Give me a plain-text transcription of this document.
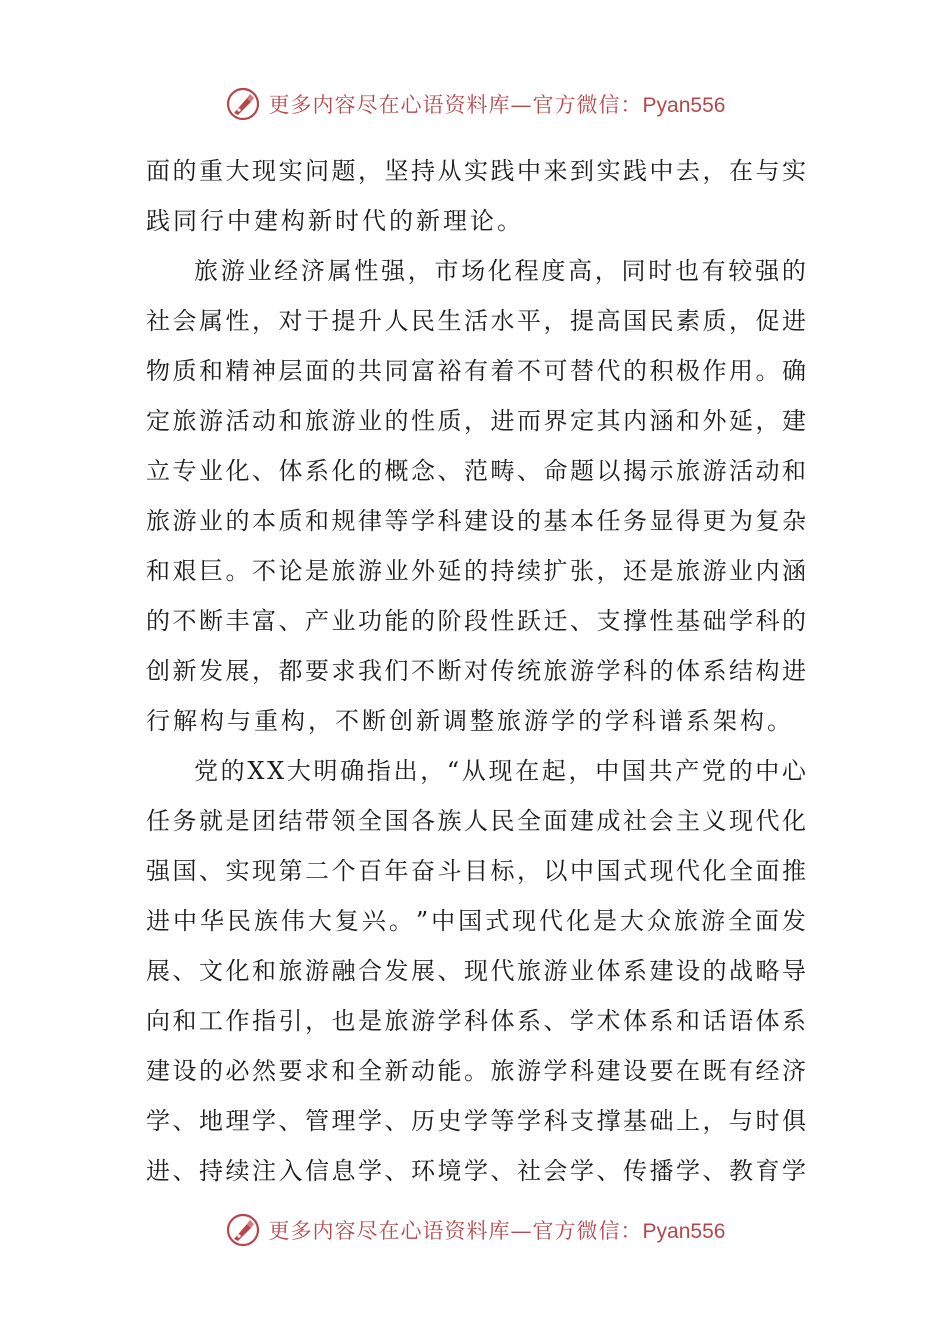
更多内容尽在心语资料库—官方微信：Pyan556
面 的 重 大 现 实 问 题 ， 坚 持 从 实 践 中 来 到 实 践 中 去 ， 在 与 实
践同行中建构新时代的新理论。
旅 游 业 经 济 属 性 强 ， 市 场 化 程 度 高 ， 同 时 也 有 较 强 的
社 会 属 性 ， 对 于 提 升 人 民 生 活 水 平 ， 提 高 国 民 素 质 ， 促 进
物 质 和 精 神 层 面 的 共 同 富 裕 有 着 不 可 替 代 的 积 极 作 用 。 确
定 旅 游 活 动 和 旅 游 业 的 性 质 ， 进 而 界 定 其 内 涵 和 外 延 ， 建
立 专 业 化 、 体 系 化 的 概 念 、 范 畴 、 命 题 以 揭 示 旅 游 活 动 和
旅 游 业 的 本 质 和 规 律 等 学 科 建 设 的 基 本 任 务 显 得 更 为 复 杂
和 艰 巨 。 不 论 是 旅 游 业 外 延 的 持 续 扩 张 ， 还 是 旅 游 业 内 涵
的 不 断 丰 富 、 产 业 功 能 的 阶 段 性 跃 迁 、 支 撑 性 基 础 学 科 的
创 新 发 展 ， 都 要 求 我 们 不 断 对 传 统 旅 游 学 科 的 体 系 结 构 进
行解构与重构，不断创新调整旅游学的学科谱系架构。
党 的 X X 大 明 确 指 出 ， “ 从 现 在 起 ， 中 国 共 产 党 的 中 心
任 务 就 是 团 结 带 领 全 国 各 族 人 民 全 面 建 成 社 会 主 义 现 代 化
强 国 、 实 现 第 二 个 百 年 奋 斗 目 标 ， 以 中 国 式 现 代 化 全 面 推
进 中 华 民 族 伟 大 复 兴 。 ” 中 国 式 现 代 化 是 大 众 旅 游 全 面 发
展 、 文 化 和 旅 游 融 合 发 展 、 现 代 旅 游 业 体 系 建 设 的 战 略 导
向 和 工 作 指 引 ， 也 是 旅 游 学 科 体 系 、 学 术 体 系 和 话 语 体 系
建 设 的 必 然 要 求 和 全 新 动 能 。 旅 游 学 科 建 设 要 在 既 有 经 济
学 、 地 理 学 、 管 理 学 、 历 史 学 等 学 科 支 撑 基 础 上 ， 与 时 俱
进 、 持 续 注 入 信 息 学 、 环 境 学 、 社 会 学 、 传 播 学 、 教 育 学
更多内容尽在心语资料库—官方微信：Pyan556
